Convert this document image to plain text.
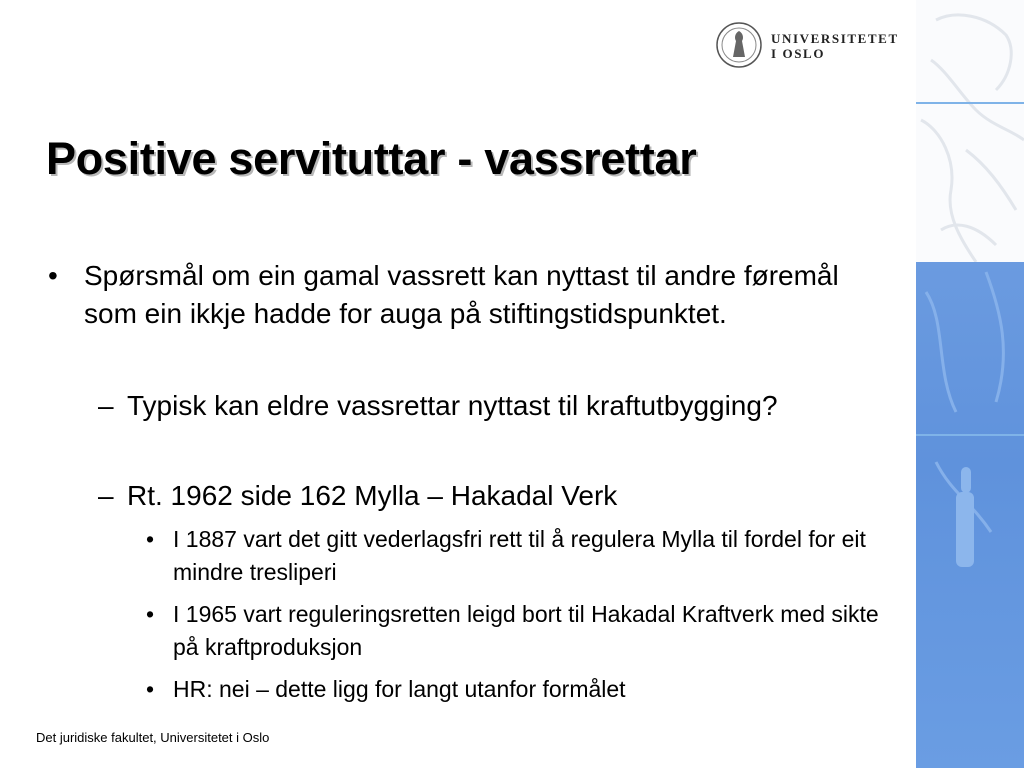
UNIVERSITETET
I OSLO
Positive servituttar - vassrettar
• Spørsmål om ein gamal vassrett kan nyttast til andre føremål som ein ikkje hadde for auga på stiftingstidspunktet.
– Typisk kan eldre vassrettar nyttast til kraftutbygging?
– Rt. 1962 side 162 Mylla – Hakadal Verk
• I 1887 vart det gitt vederlagsfri rett til å regulera Mylla til fordel for eit mindre tresliperi
• I 1965 vart reguleringsretten leigd bort til Hakadal Kraftverk med sikte på kraftproduksjon
• HR: nei – dette ligg for langt utanfor formålet
Det juridiske fakultet, Universitetet i Oslo
